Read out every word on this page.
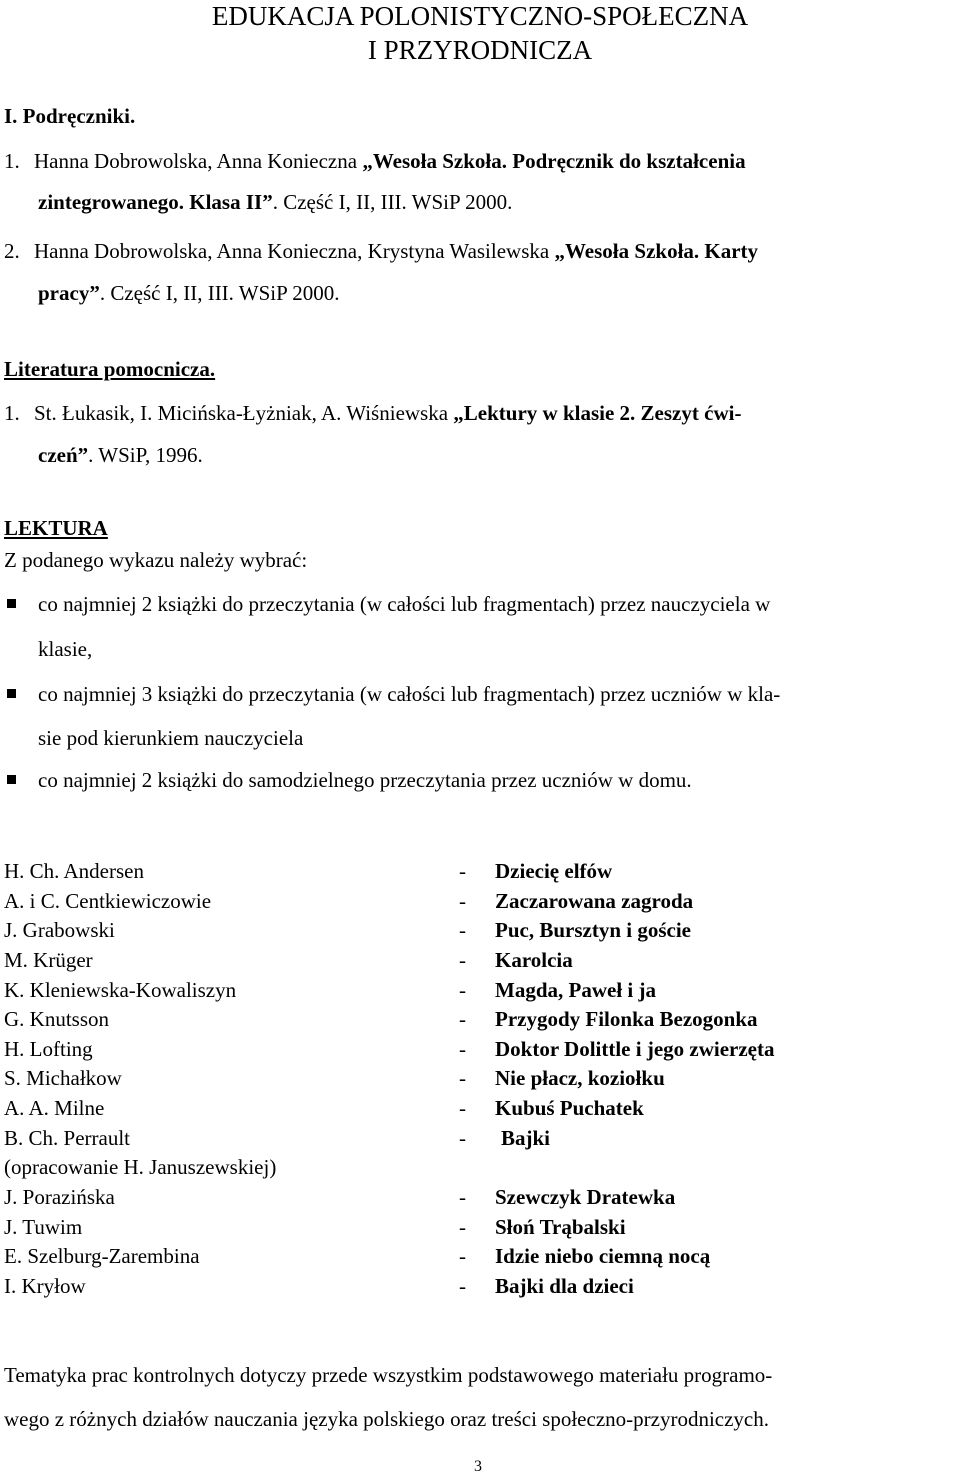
EDUKACJA POLONISTYCZNO-SPOŁECZNA
I PRZYRODNICZA
I. Podręczniki.
1. Hanna Dobrowolska, Anna Konieczna „Wesoła Szkoła. Podręcznik do kształcenia
zintegrowanego. Klasa II”. Część I, II, III. WSiP 2000.
2. Hanna Dobrowolska, Anna Konieczna, Krystyna Wasilewska „Wesoła Szkoła. Karty
pracy”. Część I, II, III. WSiP 2000.
Literatura pomocnicza.
1. St. Łukasik, I. Micińska-Łyżniak, A. Wiśniewska „Lektury w klasie 2. Zeszyt ćwi-
czeń”. WSiP, 1996.
LEKTURA
Z podanego wykazu należy wybrać:
co najmniej 2 książki do przeczytania (w całości lub fragmentach) przez nauczyciela w
klasie,
co najmniej 3 książki do przeczytania (w całości lub fragmentach) przez uczniów w kla-
sie pod kierunkiem nauczyciela
co najmniej 2 książki do samodzielnego przeczytania przez uczniów w domu.
H. Ch. Andersen	- Dziecię elfów
A. i C. Centkiewiczowie	- Zaczarowana zagroda
J. Grabowski	- Puc, Bursztyn i goście
M. Krüger	- Karolcia
K. Kleniewska-Kowaliszyn	- Magda, Paweł i ja
G. Knutsson	- Przygody Filonka Bezogonka
H. Lofting	- Doktor Dolittle i jego zwierzęta
S. Michałkow	- Nie płacz, koziołku
A. A. Milne	- Kubuś Puchatek
B. Ch. Perrault	- Bajki
(opracowanie H. Januszewskiej)
J. Porazińska	- Szewczyk Dratewka
J. Tuwim	- Słoń Trąbalski
E. Szelburg-Zarembina	- Idzie niebo ciemną nocą
I. Kryłow	- Bajki dla dzieci
Tematyka prac kontrolnych dotyczy przede wszystkim podstawowego materiału programo-
wego z różnych działów nauczania języka polskiego oraz treści społeczno-przyrodniczych.
3
